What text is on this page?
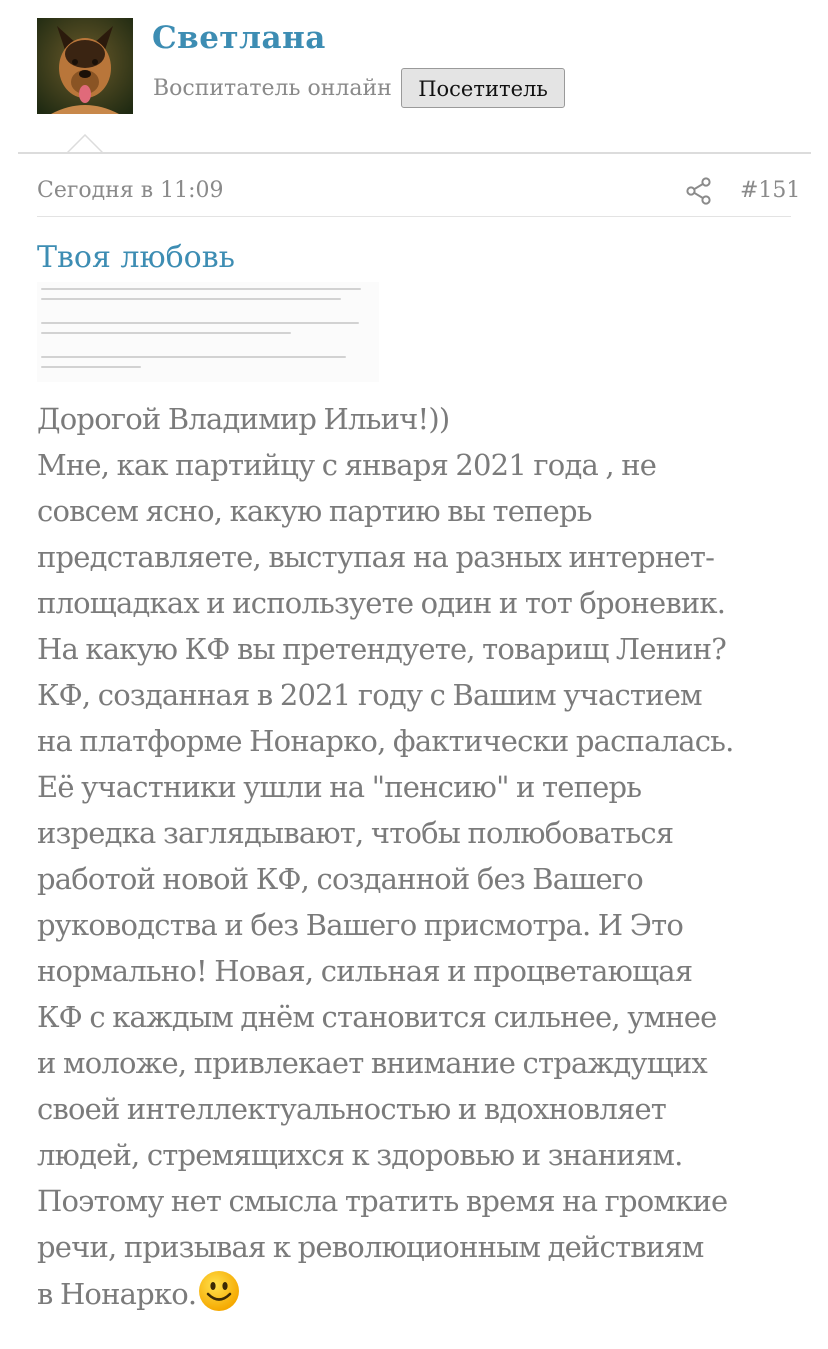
Светлана
Воспитатель онлайн	Посетитель
Сегодня в 11:09	#151
Твоя любовь
Дорогой Владимир Ильич!))
Мне, как партийцу с января 2021 года , не
совсем ясно, какую партию вы теперь
представляете, выступая на разных интернет-
площадках и используете один и тот броневик.
На какую КФ вы претендуете, товарищ Ленин?
КФ, созданная в 2021 году с Вашим участием
на платформе Нонарко, фактически распалась.
Её участники ушли на "пенсию" и теперь
изредка заглядывают, чтобы полюбоваться
работой новой КФ, созданной без Вашего
руководства и без Вашего присмотра. И Это
нормально! Новая, сильная и процветающая
КФ с каждым днём становится сильнее, умнее
и моложе, привлекает внимание страждущих
своей интеллектуальностью и вдохновляет
людей, стремящихся к здоровью и знаниям.
Поэтому нет смысла тратить время на громкие
речи, призывая к революционным действиям
в Нонарко.
